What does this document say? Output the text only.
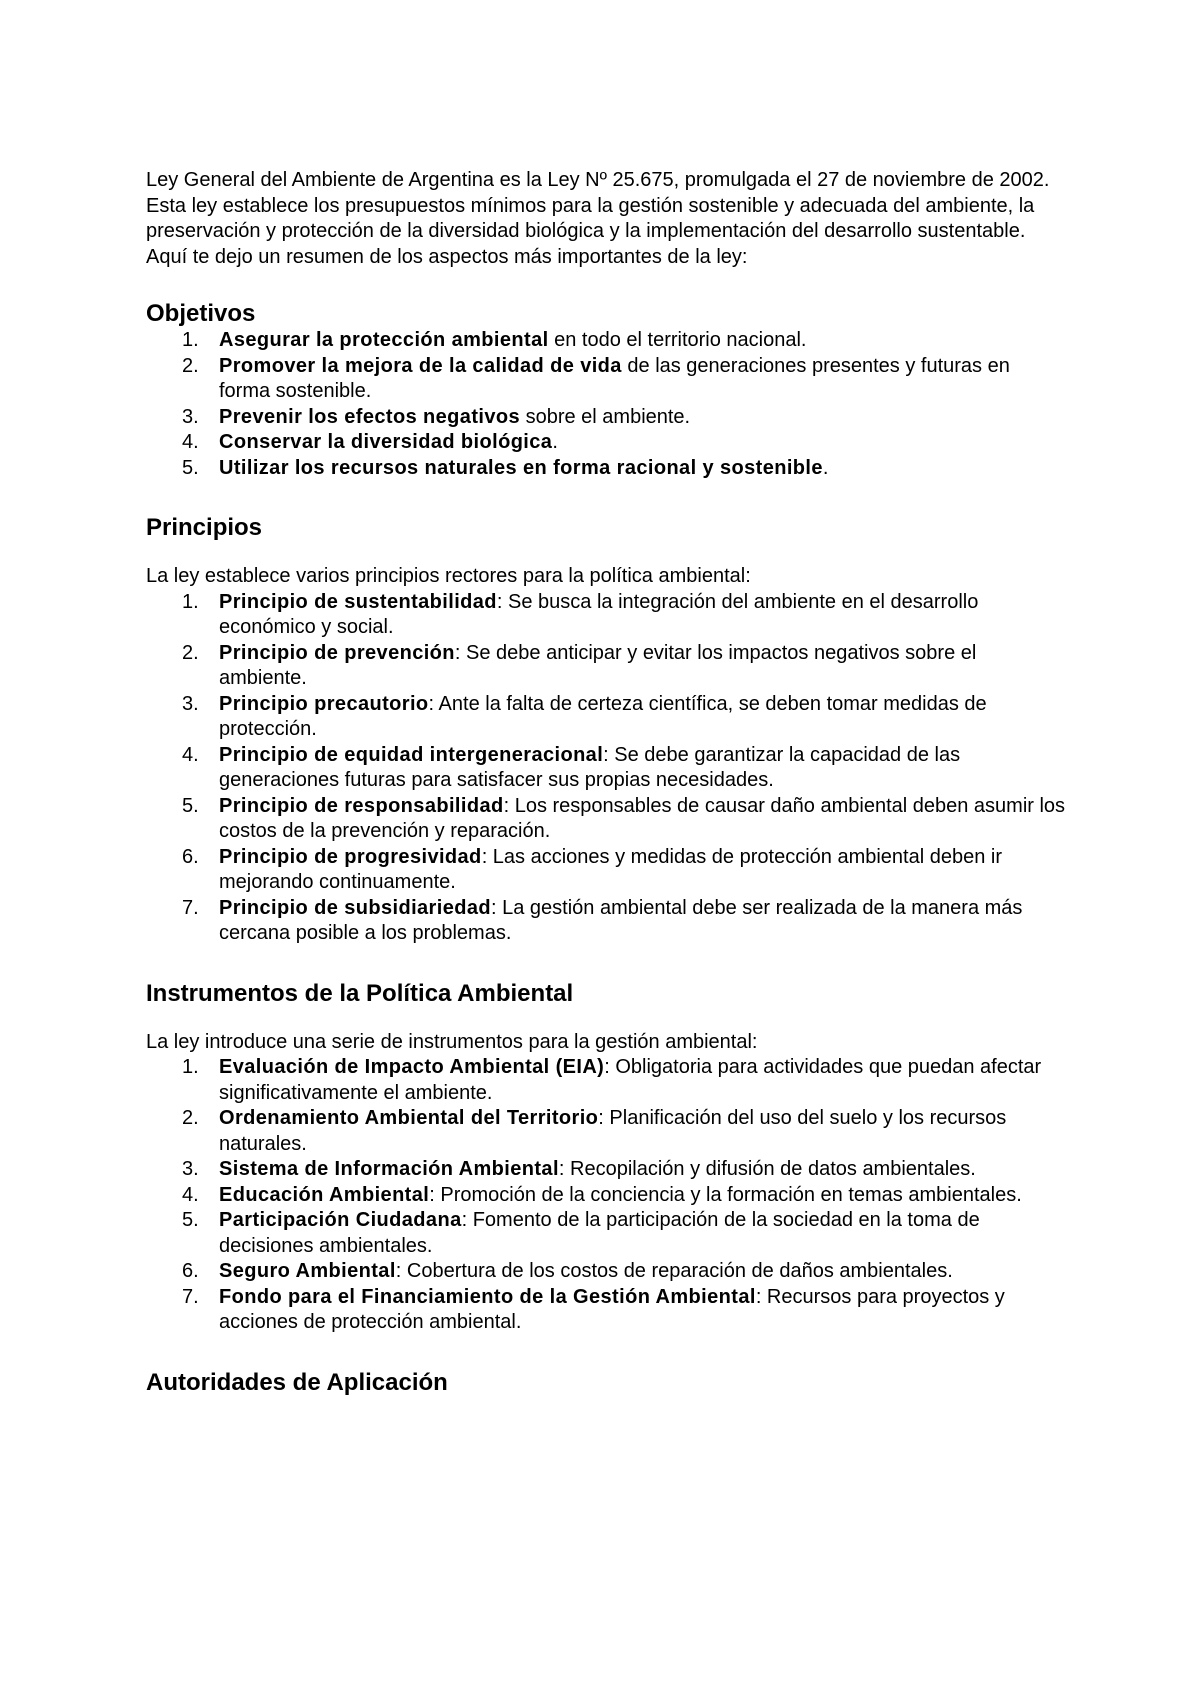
Ley General del Ambiente de Argentina es la Ley Nº 25.675, promulgada el 27 de noviembre de 2002. Esta ley establece los presupuestos mínimos para la gestión sostenible y adecuada del ambiente, la preservación y protección de la diversidad biológica y la implementación del desarrollo sustentable. Aquí te dejo un resumen de los aspectos más importantes de la ley:

Objetivos
1. Asegurar la protección ambiental en todo el territorio nacional.
2. Promover la mejora de la calidad de vida de las generaciones presentes y futuras en forma sostenible.
3. Prevenir los efectos negativos sobre el ambiente.
4. Conservar la diversidad biológica.
5. Utilizar los recursos naturales en forma racional y sostenible.
Principios

La ley establece varios principios rectores para la política ambiental:

1. Principio de sustentabilidad: Se busca la integración del ambiente en el desarrollo económico y social.
2. Principio de prevención: Se debe anticipar y evitar los impactos negativos sobre el ambiente.
3. Principio precautorio: Ante la falta de certeza científica, se deben tomar medidas de protección.
4. Principio de equidad intergeneracional: Se debe garantizar la capacidad de las generaciones futuras para satisfacer sus propias necesidades.
5. Principio de responsabilidad: Los responsables de causar daño ambiental deben asumir los costos de la prevención y reparación.
6. Principio de progresividad: Las acciones y medidas de protección ambiental deben ir mejorando continuamente.
7. Principio de subsidiariedad: La gestión ambiental debe ser realizada de la manera más cercana posible a los problemas.
Instrumentos de la Política Ambiental

La ley introduce una serie de instrumentos para la gestión ambiental:

1. Evaluación de Impacto Ambiental (EIA): Obligatoria para actividades que puedan afectar significativamente el ambiente.
2. Ordenamiento Ambiental del Territorio: Planificación del uso del suelo y los recursos naturales.
3. Sistema de Información Ambiental: Recopilación y difusión de datos ambientales.
4. Educación Ambiental: Promoción de la conciencia y la formación en temas ambientales.
5. Participación Ciudadana: Fomento de la participación de la sociedad en la toma de decisiones ambientales.
6. Seguro Ambiental: Cobertura de los costos de reparación de daños ambientales.
7. Fondo para el Financiamiento de la Gestión Ambiental: Recursos para proyectos y acciones de protección ambiental.
Autoridades de Aplicación
